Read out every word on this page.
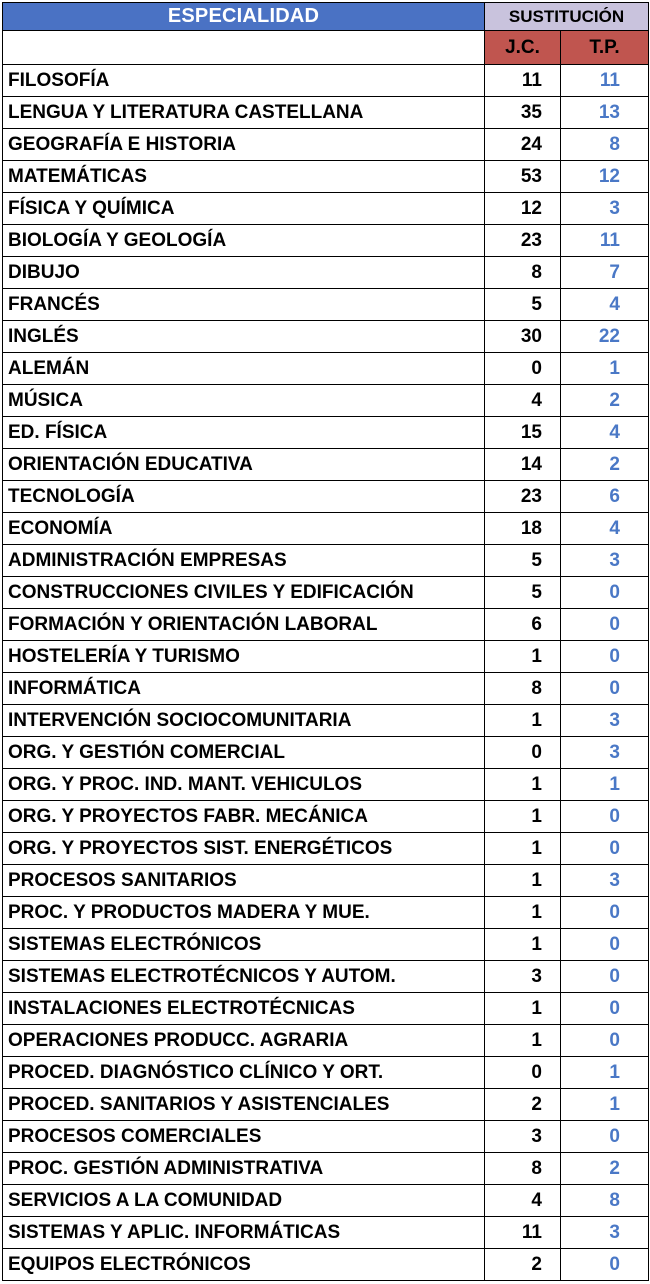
ESPECIALIDAD	SUSTITUCIÓN	
	J.C.	T.P.
FILOSOFÍA	11	11
LENGUA Y LITERATURA CASTELLANA	35	13
GEOGRAFÍA E HISTORIA	24	8
MATEMÁTICAS	53	12
FÍSICA Y QUÍMICA	12	3
BIOLOGÍA Y GEOLOGÍA	23	11
DIBUJO	8	7
FRANCÉS	5	4
INGLÉS	30	22
ALEMÁN	0	1
MÚSICA	4	2
ED. FÍSICA	15	4
ORIENTACIÓN EDUCATIVA	14	2
TECNOLOGÍA	23	6
ECONOMÍA	18	4
ADMINISTRACIÓN EMPRESAS	5	3
CONSTRUCCIONES CIVILES Y EDIFICACIÓN	5	0
FORMACIÓN Y ORIENTACIÓN LABORAL	6	0
HOSTELERÍA Y TURISMO	1	0
INFORMÁTICA	8	0
INTERVENCIÓN SOCIOCOMUNITARIA	1	3
ORG. Y GESTIÓN COMERCIAL	0	3
ORG. Y PROC. IND. MANT. VEHICULOS	1	1
ORG. Y PROYECTOS FABR. MECÁNICA	1	0
ORG. Y PROYECTOS SIST. ENERGÉTICOS	1	0
PROCESOS SANITARIOS	1	3
PROC. Y PRODUCTOS MADERA Y MUE.	1	0
SISTEMAS ELECTRÓNICOS	1	0
SISTEMAS ELECTROTÉCNICOS Y AUTOM.	3	0
INSTALACIONES ELECTROTÉCNICAS	1	0
OPERACIONES PRODUCC. AGRARIA	1	0
PROCED. DIAGNÓSTICO CLÍNICO Y ORT.	0	1
PROCED. SANITARIOS Y ASISTENCIALES	2	1
PROCESOS COMERCIALES	3	0
PROC. GESTIÓN ADMINISTRATIVA	8	2
SERVICIOS A LA COMUNIDAD	4	8
SISTEMAS Y APLIC. INFORMÁTICAS	11	3
EQUIPOS ELECTRÓNICOS	2	0
